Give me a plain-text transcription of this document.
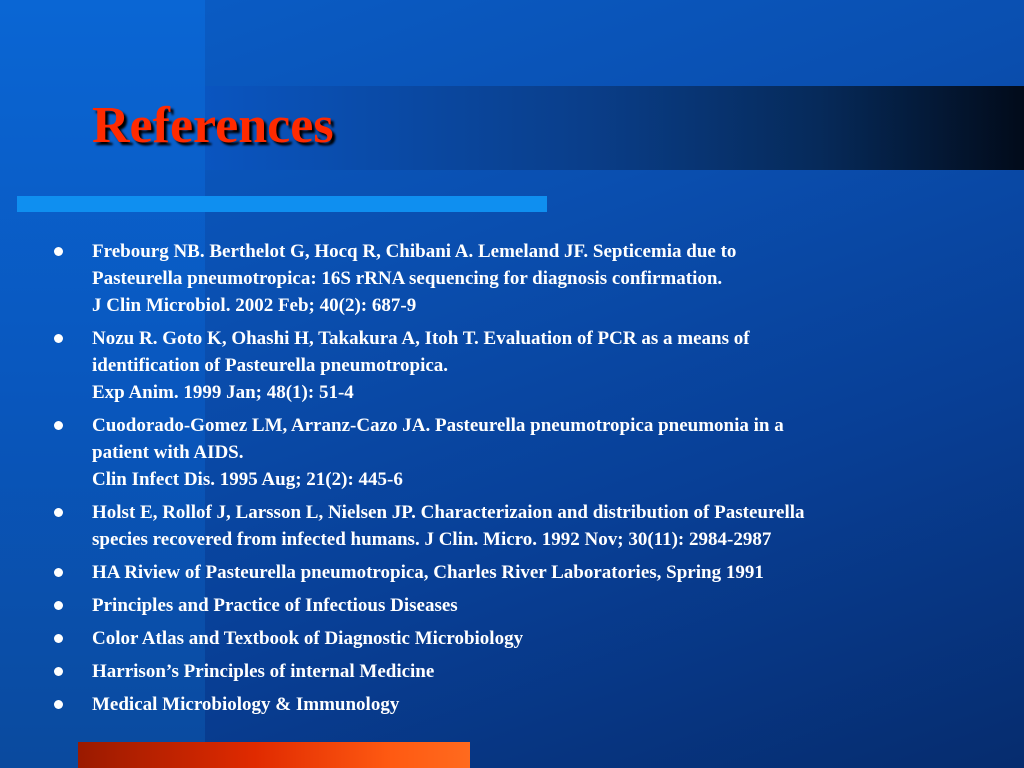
References
Frebourg NB. Berthelot G, Hocq R, Chibani A. Lemeland JF. Septicemia due to
Pasteurella pneumotropica: 16S rRNA sequencing for diagnosis confirmation.
J Clin Microbiol. 2002 Feb; 40(2): 687-9
Nozu R. Goto K, Ohashi H, Takakura A, Itoh T. Evaluation of PCR as a means of
identification of Pasteurella pneumotropica.
Exp Anim. 1999 Jan; 48(1): 51-4
Cuodorado-Gomez LM, Arranz-Cazo JA. Pasteurella pneumotropica pneumonia in a
patient with AIDS.
Clin Infect Dis. 1995 Aug; 21(2): 445-6
Holst E, Rollof J, Larsson L, Nielsen JP. Characterizaion and distribution of Pasteurella
species recovered from infected humans. J Clin. Micro. 1992 Nov; 30(11): 2984-2987
HA Riview of Pasteurella pneumotropica, Charles River Laboratories, Spring 1991
Principles and Practice of Infectious Diseases
Color Atlas and Textbook of Diagnostic Microbiology
Harrison’s Principles of internal Medicine
Medical Microbiology & Immunology
